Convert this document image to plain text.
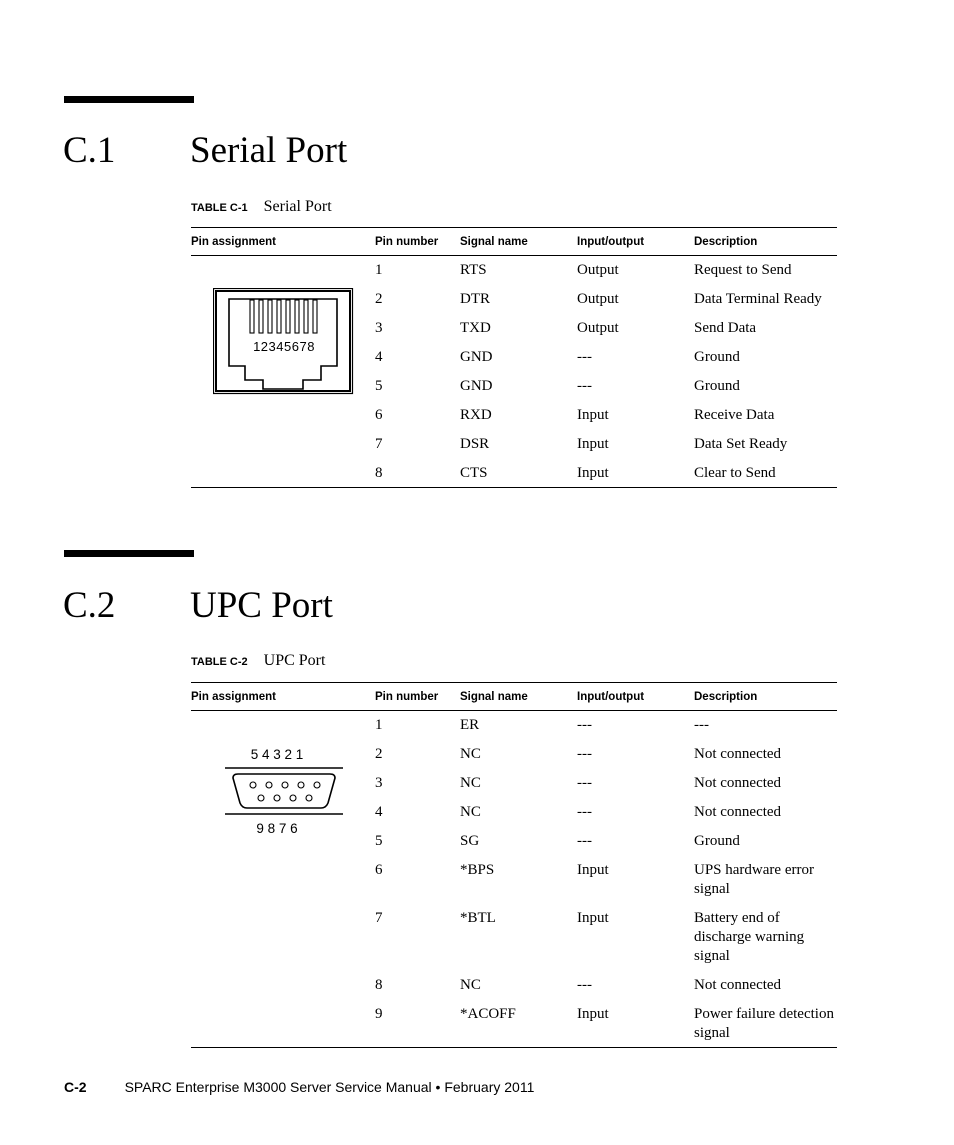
C.1 Serial Port
TABLE C-1 Serial Port
Pin assignment	Pin number	Signal name	Input/output	Description

12345678	1	RTS	Output	Request to Send
	2	DTR	Output	Data Terminal Ready
	3	TXD	Output	Send Data
	4	GND	---	Ground
	5	GND	---	Ground
	6	RXD	Input	Receive Data
	7	DSR	Input	Data Set Ready
	8	CTS	Input	Clear to Send
C.2 UPC Port
TABLE C-2 UPC Port
Pin assignment	Pin number	Signal name	Input/output	Description

5 4 3 2 1
9 8 7 6	1	ER	---	---
	2	NC	---	Not connected
	3	NC	---	Not connected
	4	NC	---	Not connected
	5	SG	---	Ground
	6	*BPS	Input	UPS hardware error signal
	7	*BTL	Input	Battery end of discharge warning signal
	8	NC	---	Not connected
	9	*ACOFF	Input	Power failure detection signal
C-2	SPARC Enterprise M3000 Server Service Manual • February 2011
